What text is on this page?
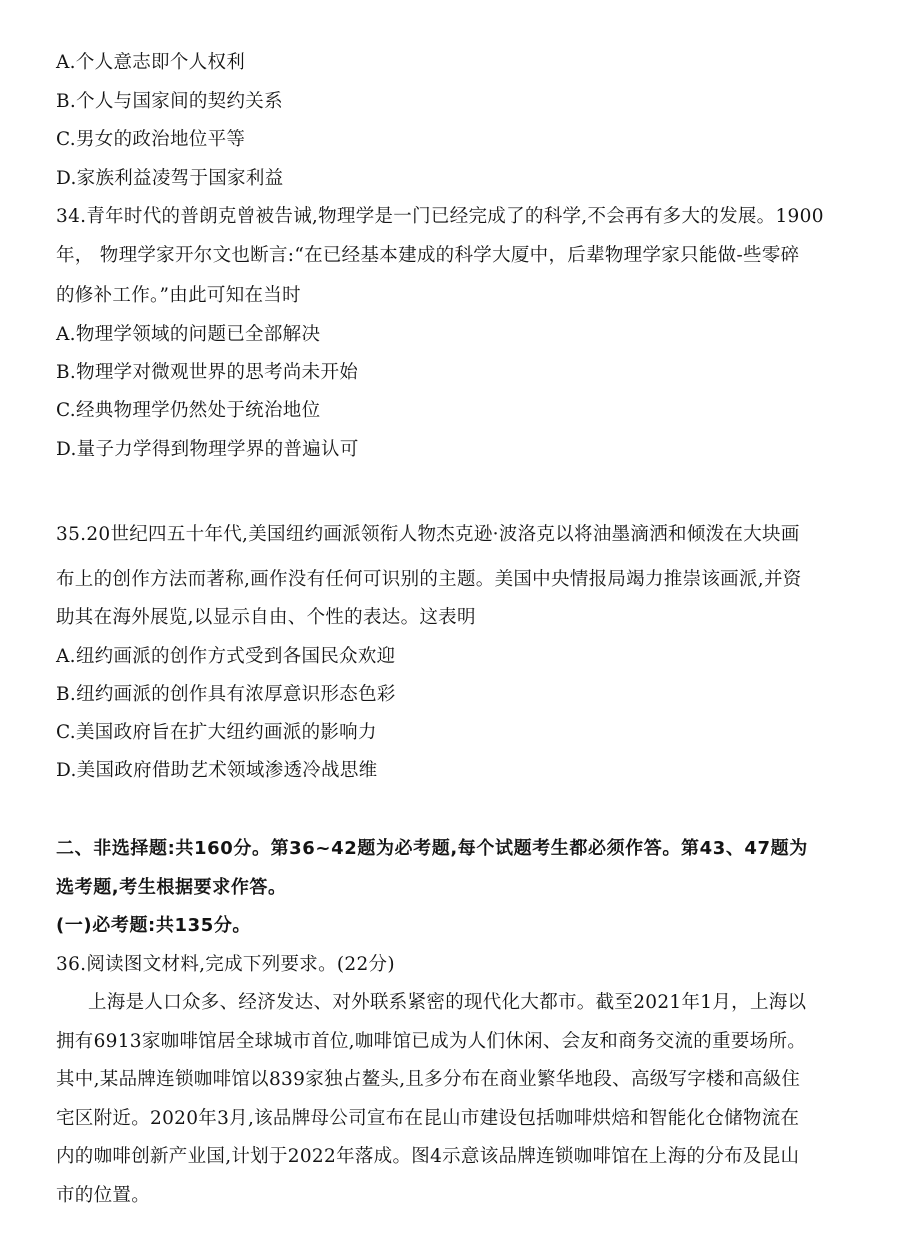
A.个人意志即个人权利
B.个人与国家间的契约关系
C.男女的政治地位平等
D.家族利益凌驾于国家利益
34.青年时代的普朗克曾被告诫,物理学是一门已经完成了的科学,不会再有多大的发展。1900
年， 物理学家开尔文也断言:“在已经基本建成的科学大厦中，后辈物理学家只能做-些零碎
的修补工作。”由此可知在当时
A.物理学领域的问题已全部解决
B.物理学对微观世界的思考尚未开始
C.经典物理学仍然处于统治地位
D.量子力学得到物理学界的普遍认可
35.20世纪四五十年代,美国纽约画派领衔人物杰克逊·波洛克以将油墨滴洒和倾泼在大块画
布上的创作方法而著称,画作没有任何可识别的主题。美国中央情报局竭力推崇该画派,并资
助其在海外展览,以显示自由、个性的表达。这表明
A.纽约画派的创作方式受到各国民众欢迎
B.纽约画派的创作具有浓厚意识形态色彩
C.美国政府旨在扩大纽约画派的影响力
D.美国政府借助艺术领域渗透冷战思维
二、非选择题:共160分。第36~42题为必考题,每个试题考生都必须作答。第43、47题为
选考题,考生根据要求作答。
(一)必考题:共135分。
36.阅读图文材料,完成下列要求。(22分)
上海是人口众多、经济发达、对外联系紧密的现代化大都市。截至2021年1月，上海以
拥有6913家咖啡馆居全球城市首位,咖啡馆已成为人们休闲、会友和商务交流的重要场所。
其中,某品牌连锁咖啡馆以839家独占鳌头,且多分布在商业繁华地段、高级写字楼和高級住
宅区附近。2020年3月,该品牌母公司宣布在昆山市建设包括咖啡烘焙和智能化仓储物流在
内的咖啡创新产业国,计划于2022年落成。图4示意该品牌连锁咖啡馆在上海的分布及昆山
市的位置。
